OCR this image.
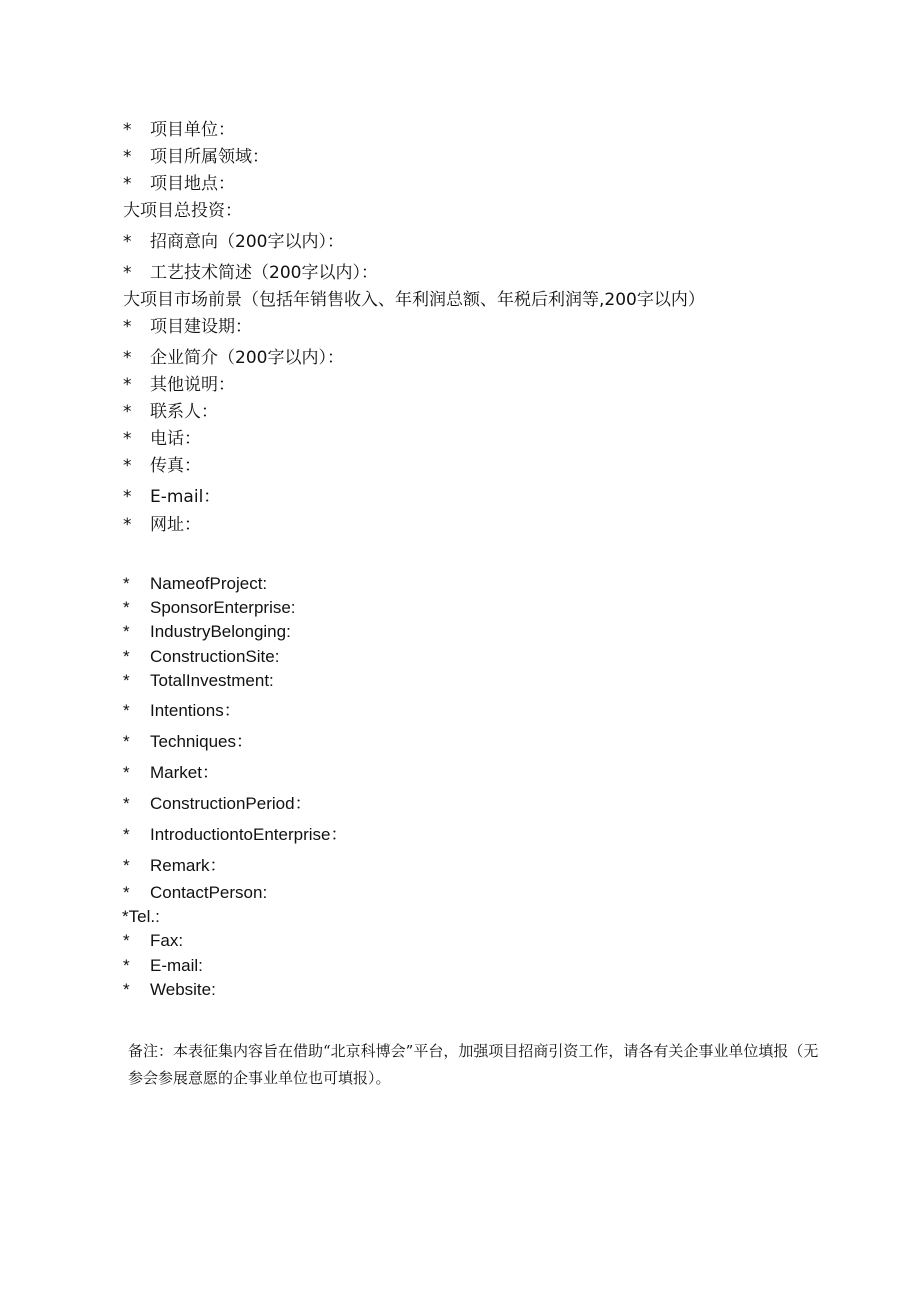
* 项目单位：
* 项目所属领域：
* 项目地点：
大项目总投资：
* 招商意向（200字以内）：
* 工艺技术简述（200字以内）：
大项目市场前景（包括年销售收入、年利润总额、年税后利润等,200字以内）
* 项目建设期：
* 企业简介（200字以内）：
* 其他说明：
* 联系人：
* 电话：
* 传真：
* E-mail：
* 网址：
* NameofProject:
* SponsorEnterprise:
* IndustryBelonging:
* ConstructionSite:
* TotalInvestment:
* Intentions：
* Techniques：
* Market：
* ConstructionPeriod：
* IntroductiontoEnterprise：
* Remark：
* ContactPerson:
*Tel.:
* Fax:
* E-mail:
* Website:
备注：本表征集内容旨在借助“北京科博会”平台，加强项目招商引资工作，请各有关企事业单位填报（无参会参展意愿的企事业单位也可填报）。
